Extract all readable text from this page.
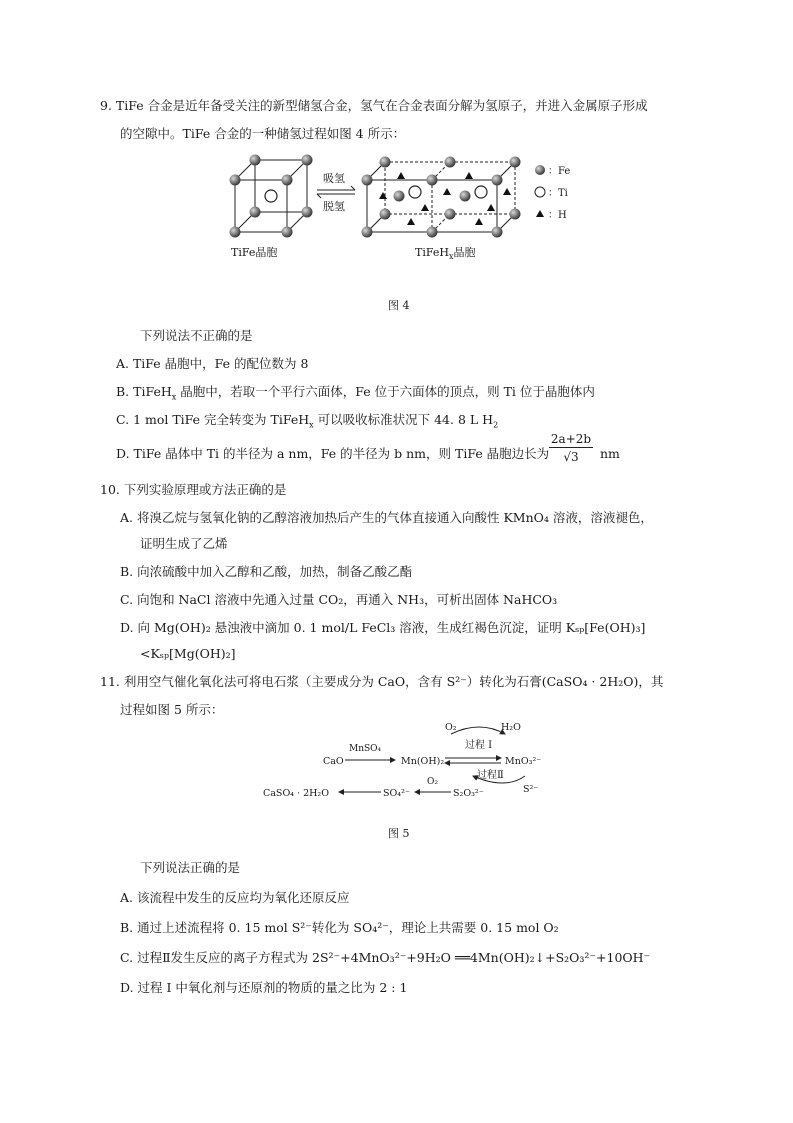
9. TiFe 合金是近年备受关注的新型储氢合金，氢气在合金表面分解为氢原子，并进入金属原子形成
的空隙中。TiFe 合金的一种储氢过程如图 4 所示：
TiFe晶胞
吸氢
脱氢
TiFeH$_x$晶胞
：Fe
：Ti
：H
图 4
下列说法不正确的是
A. TiFe 晶胞中，Fe 的配位数为 8
B. TiFeH$_x$ 晶胞中，若取一个平行六面体，Fe 位于六面体的顶点，则 Ti 位于晶胞体内
C. 1 mol TiFe 完全转变为 TiFeH$_x$ 可以吸收标准状况下 44. 8 L $H_2$
D. TiFe 晶体中 Ti 的半径为 a nm，Fe 的半径为 b nm，则 TiFe 晶胞边长为
2a+2b
√3	nm
10. 下列实验原理或方法正确的是
A. 将溴乙烷与氢氧化钠的乙醇溶液加热后产生的气体直接通入向酸性 KMnO₄ 溶液，溶液褪色，
证明生成了乙烯
B. 向浓硫酸中加入乙醇和乙酸，加热，制备乙酸乙酯
C. 向饱和 NaCl 溶液中先通入过量 CO₂，再通入 NH₃，可析出固体 NaHCO₃
D. 向 Mg(OH)₂ 悬浊液中滴加 0. 1 mol/L FeCl₃ 溶液，生成红褐色沉淀，证明 Kₛₚ[Fe(OH)₃]
<Kₛₚ[Mg(OH)₂]
11. 利用空气催化氧化法可将电石浆（主要成分为 CaO，含有 S²⁻）转化为石膏(CaSO₄ · 2H₂O)，其
过程如图 5 所示：
O₂	H₂O
过程 Ⅰ
CaO
MnSO₄
Mn(OH)₂	MnO₃²⁻
过程Ⅱ
S²⁻
CaSO₄ · 2H₂O	SO₄²⁻
O₂
S₂O₃²⁻
图 5
下列说法正确的是
A. 该流程中发生的反应均为氧化还原反应
B. 通过上述流程将 0. 15 mol S²⁻转化为 SO₄²⁻，理论上共需要 0. 15 mol O₂
C. 过程Ⅱ发生反应的离子方程式为 2S²⁻+4MnO₃²⁻+9H₂O ══4Mn(OH)₂↓+S₂O₃²⁻+10OH⁻
D. 过程 Ⅰ 中氧化剂与还原剂的物质的量之比为 2 : 1
